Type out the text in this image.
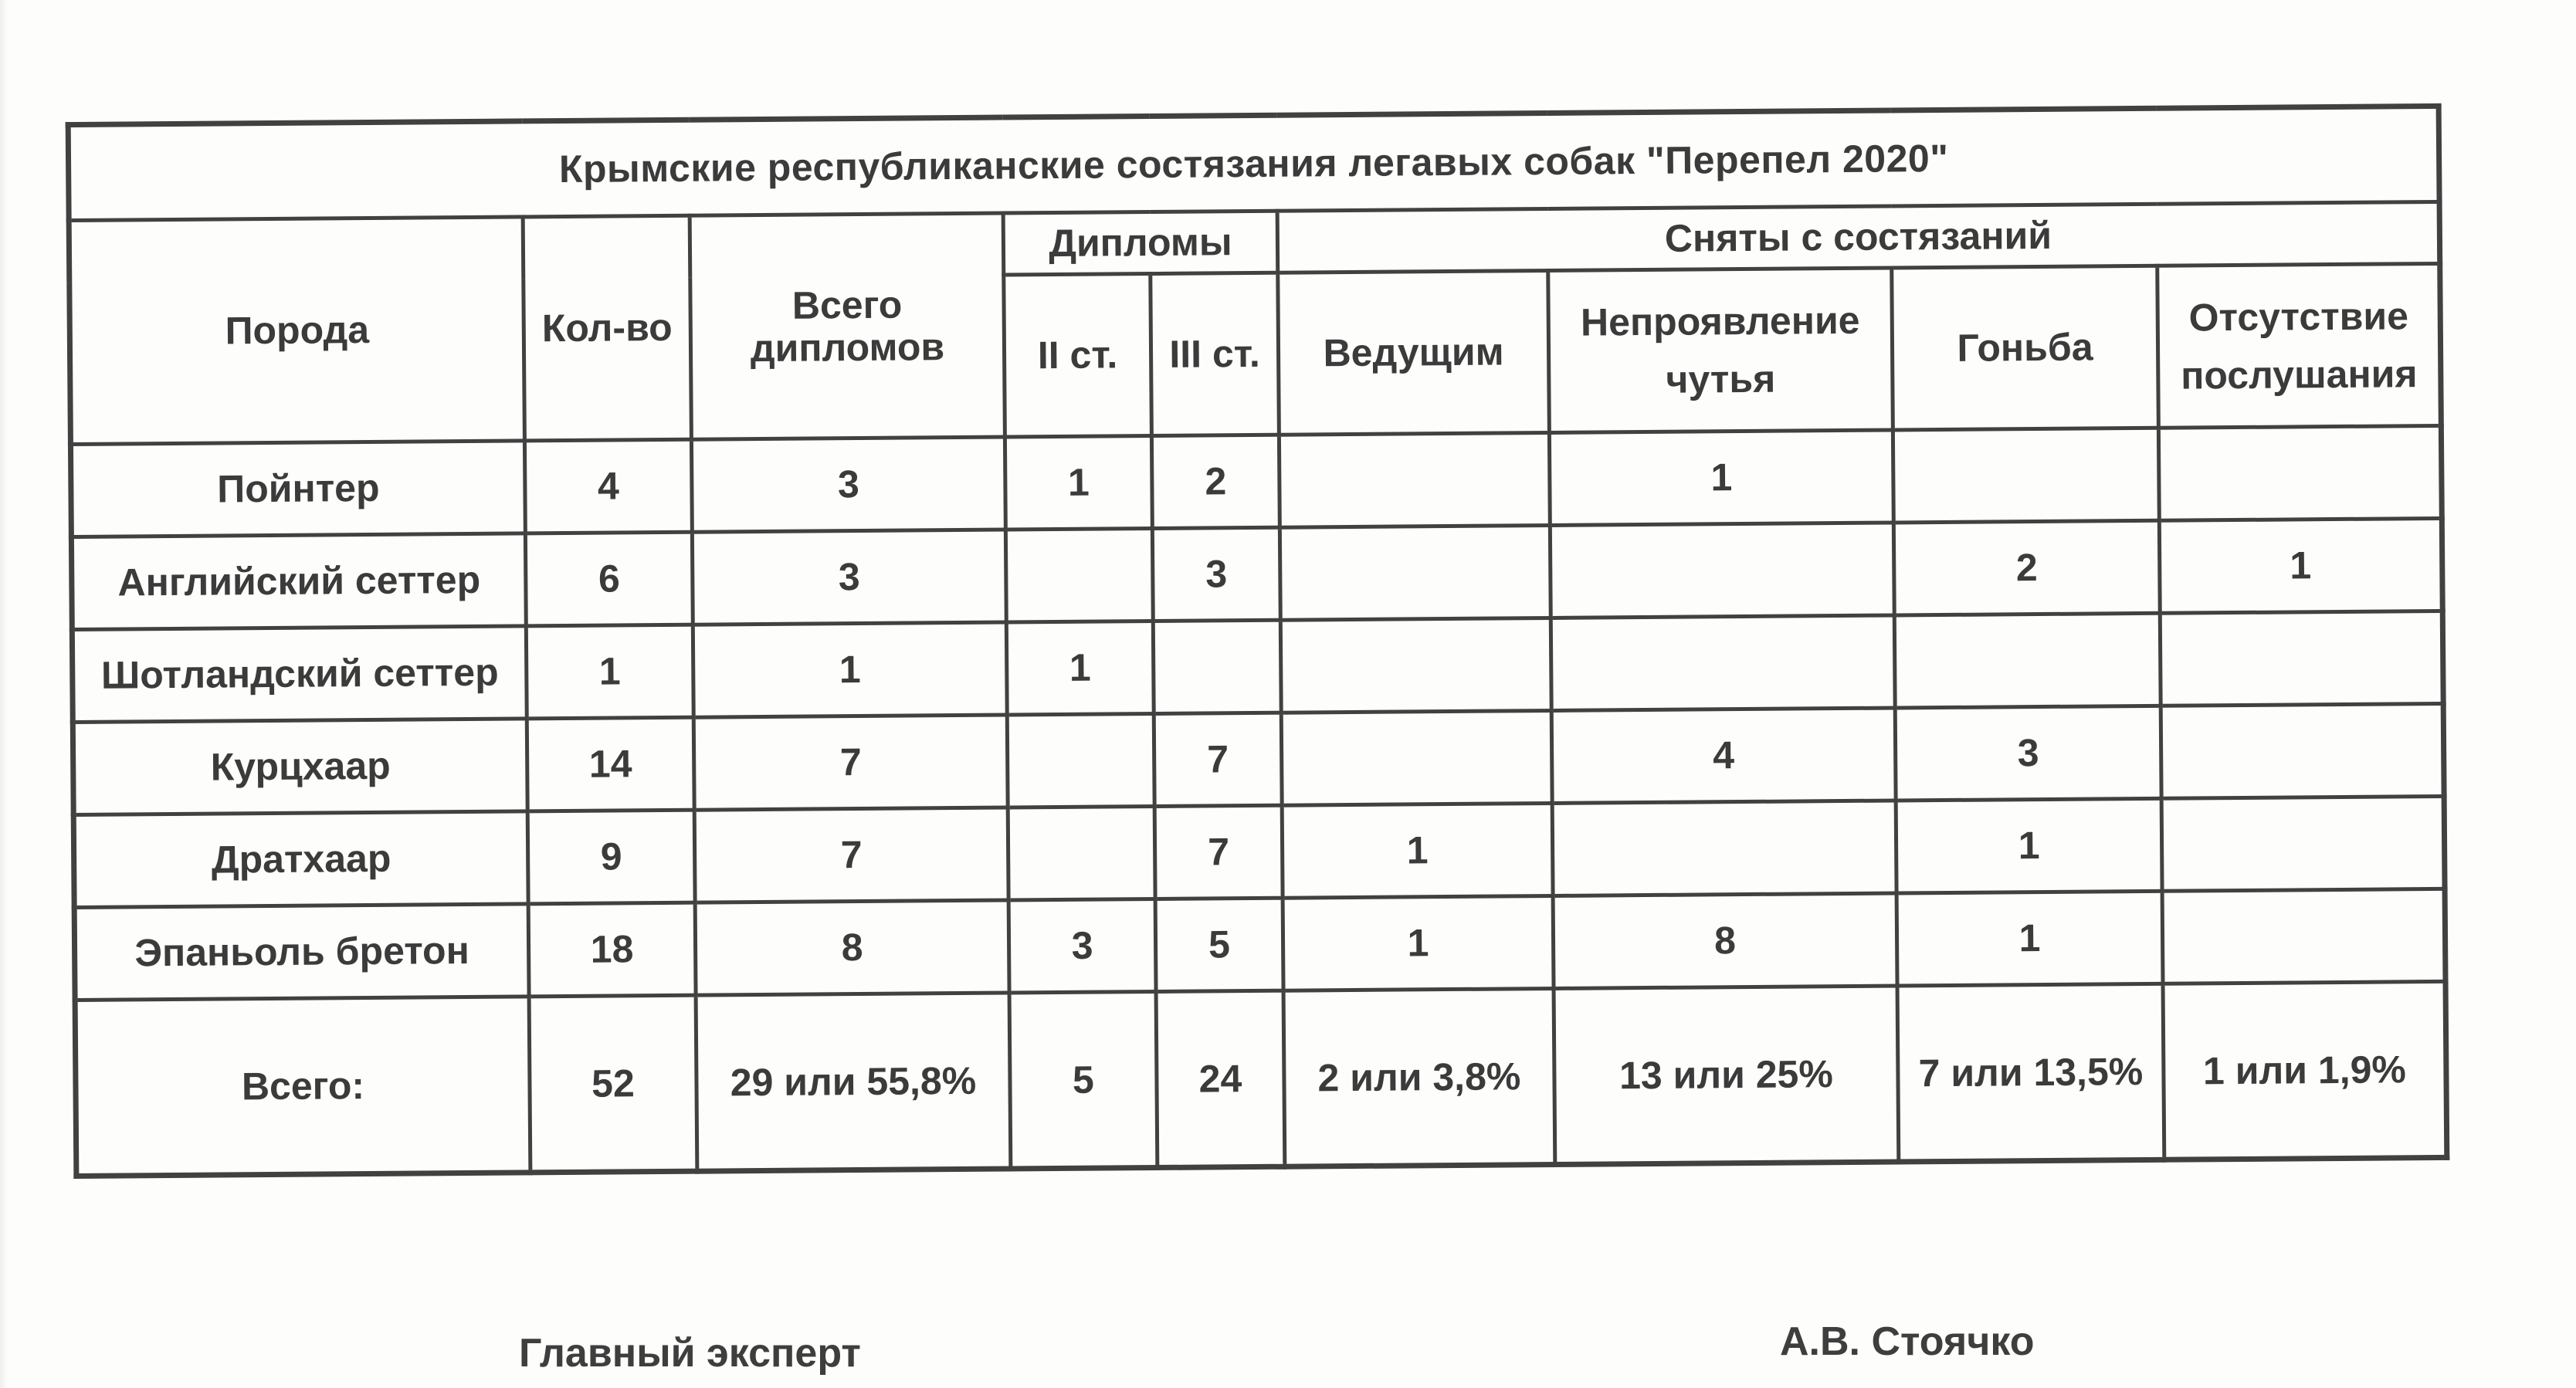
Крымские республиканские состязания легавых собак "Перепел 2020"								
Порода	Кол-во	Всего дипломов	Дипломы		Сняты с состязаний			
			II ст.	III ст.	Ведущим	Непроявление чутья	Гоньба	Отсутствие послушания
Пойнтер	4	3	1	2		1		
Английский сеттер	6	3		3			2	1
Шотландский сеттер	1	1	1					
Курцхаар	14	7		7		4	3	
Дратхаар	9	7		7	1		1	
Эпаньоль бретон	18	8	3	5	1	8	1	
Всего:	52	29 или 55,8%	5	24	2 или 3,8%	13 или 25%	7 или 13,5%	1 или 1,9%
Главный эксперт	А.В. Стоячко
